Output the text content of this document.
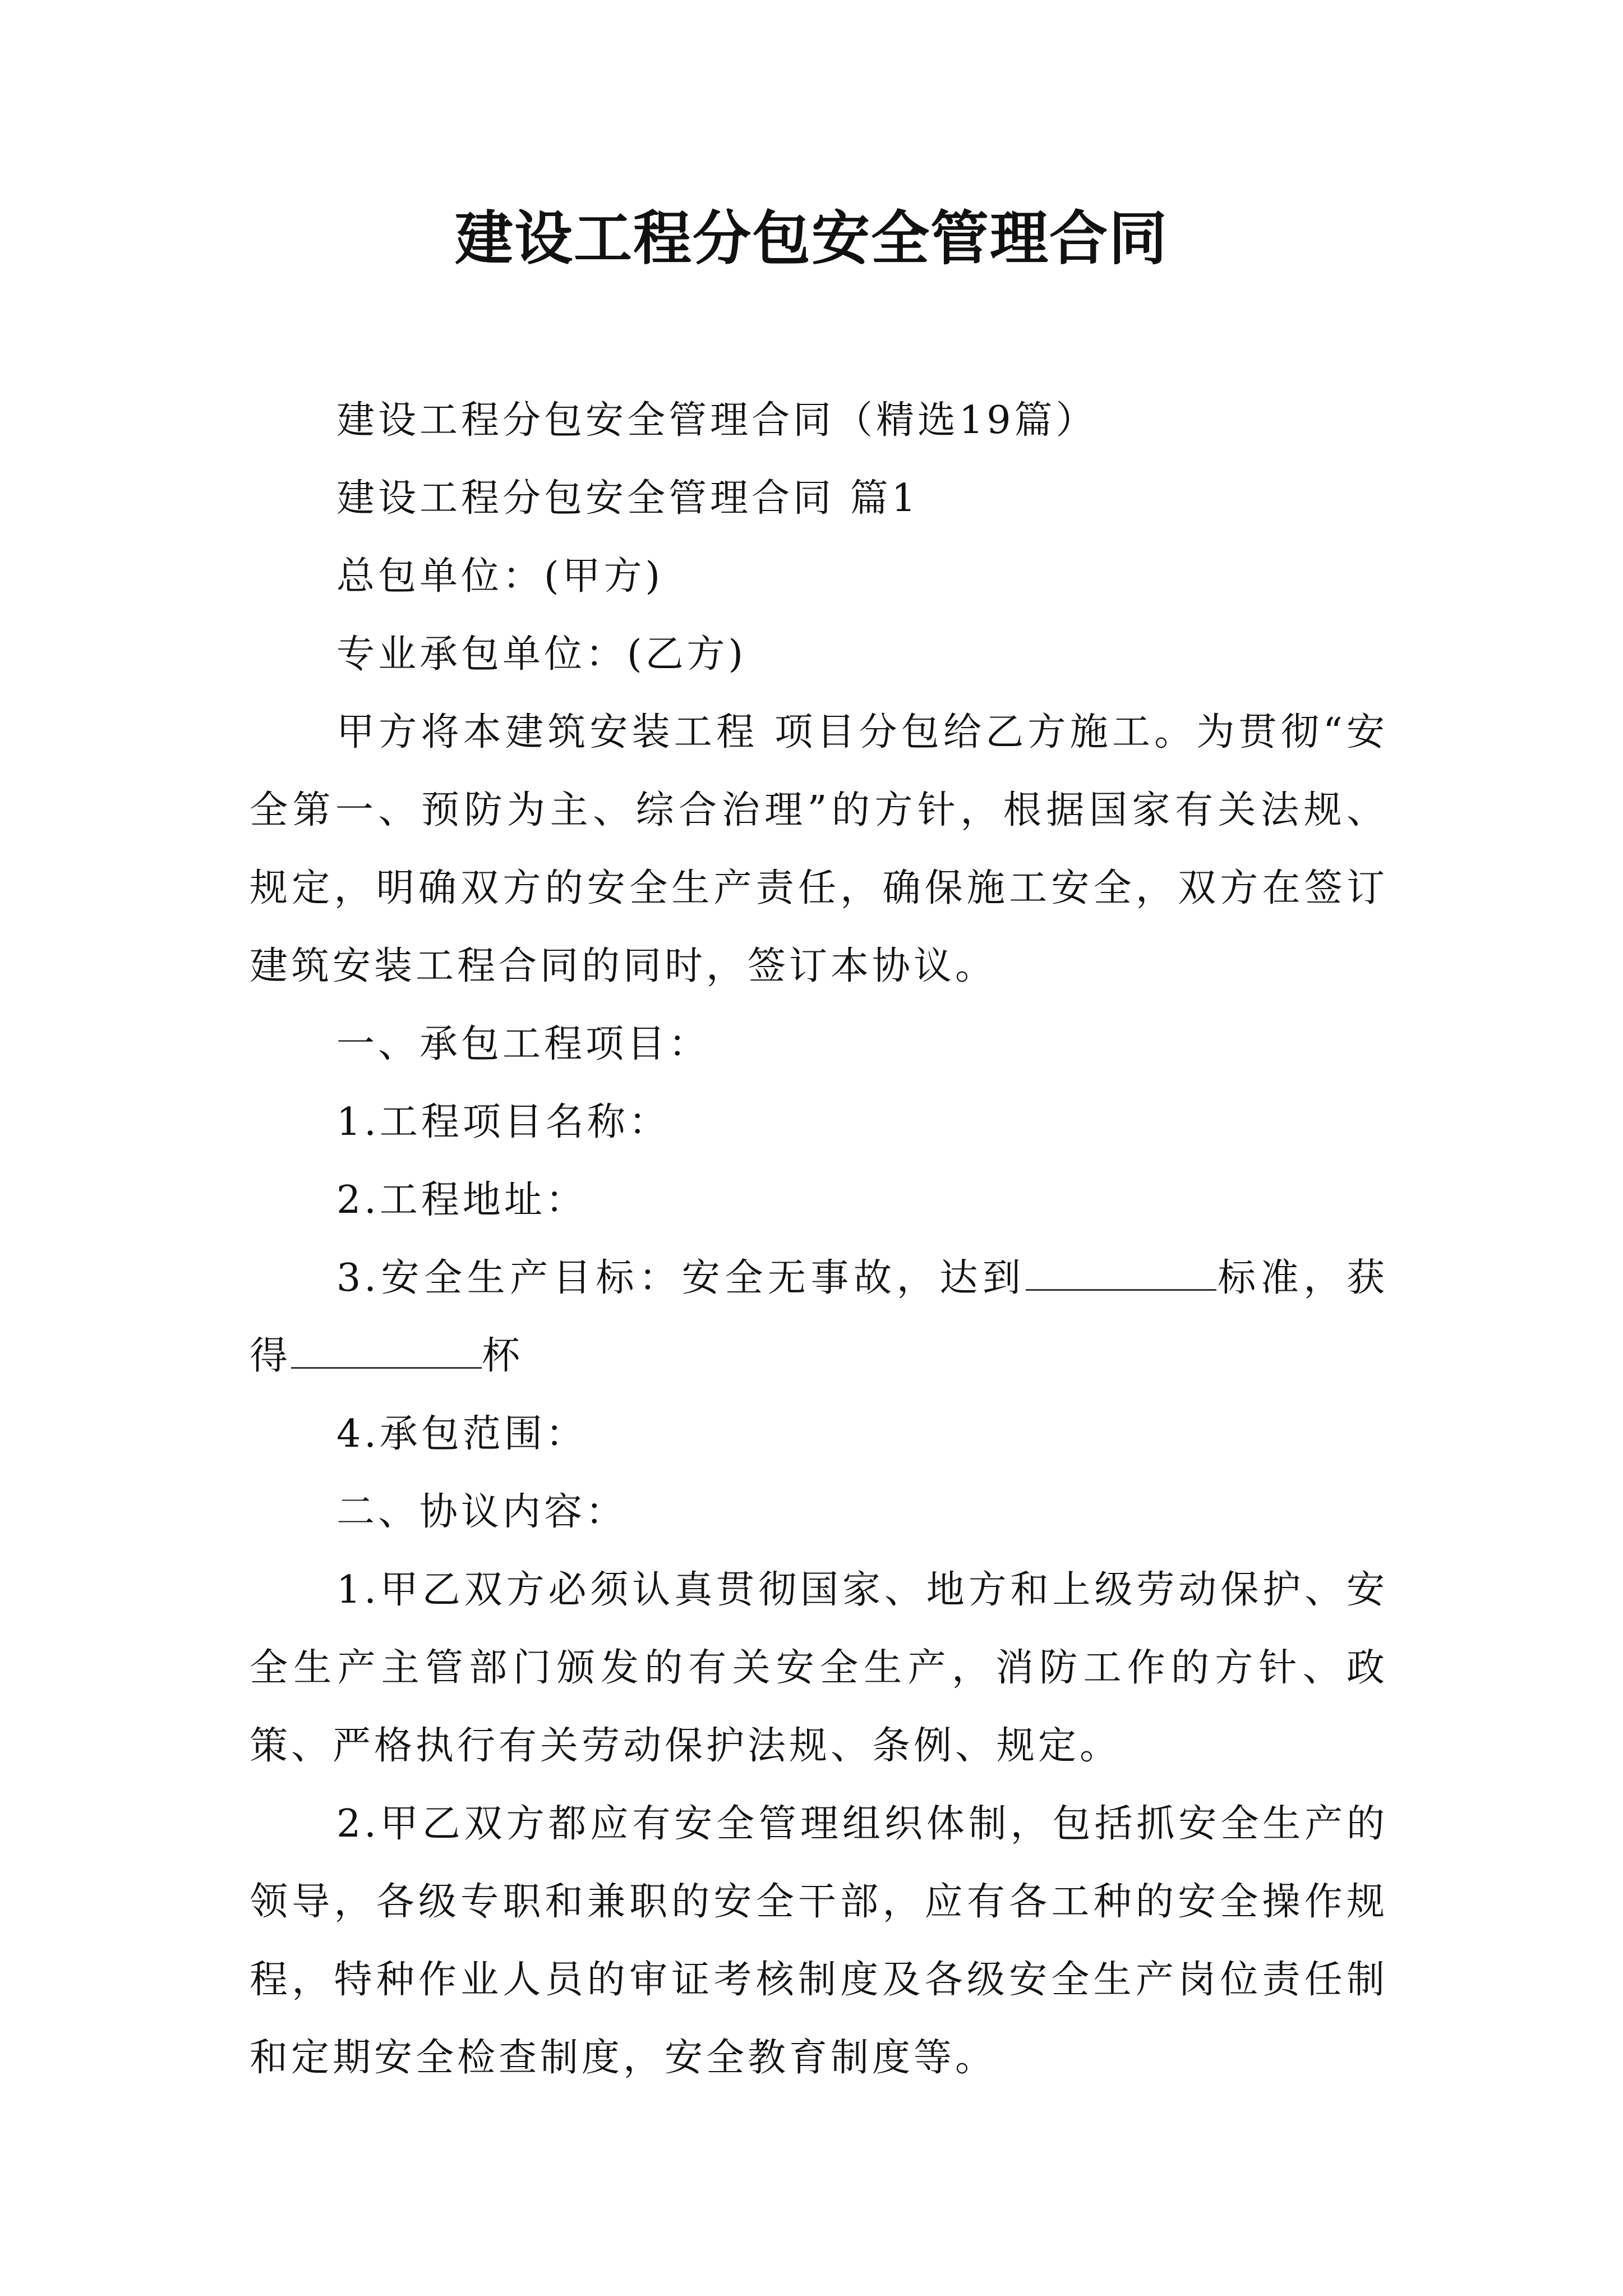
建设工程分包安全管理合同

建设工程分包安全管理合同（精选19篇）

建设工程分包安全管理合同 篇1

总包单位：(甲方)

专业承包单位：(乙方)

甲方将本建筑安装工程 项目分包给乙方施工。为贯彻“安全第一、预防为主、综合治理”的方针，根据国家有关法规、规定，明确双方的安全生产责任，确保施工安全，双方在签订建筑安装工程合同的同时，签订本协议。

一、承包工程项目：

1.工程项目名称：

2.工程地址：

3.安全生产目标：安全无事故，达到	标准，获得	杯

4.承包范围：

二、协议内容：

1.甲乙双方必须认真贯彻国家、地方和上级劳动保护、安全生产主管部门颁发的有关安全生产，消防工作的方针、政策、严格执行有关劳动保护法规、条例、规定。

2.甲乙双方都应有安全管理组织体制，包括抓安全生产的领导，各级专职和兼职的安全干部，应有各工种的安全操作规程，特种作业人员的审证考核制度及各级安全生产岗位责任制和定期安全检查制度，安全教育制度等。
